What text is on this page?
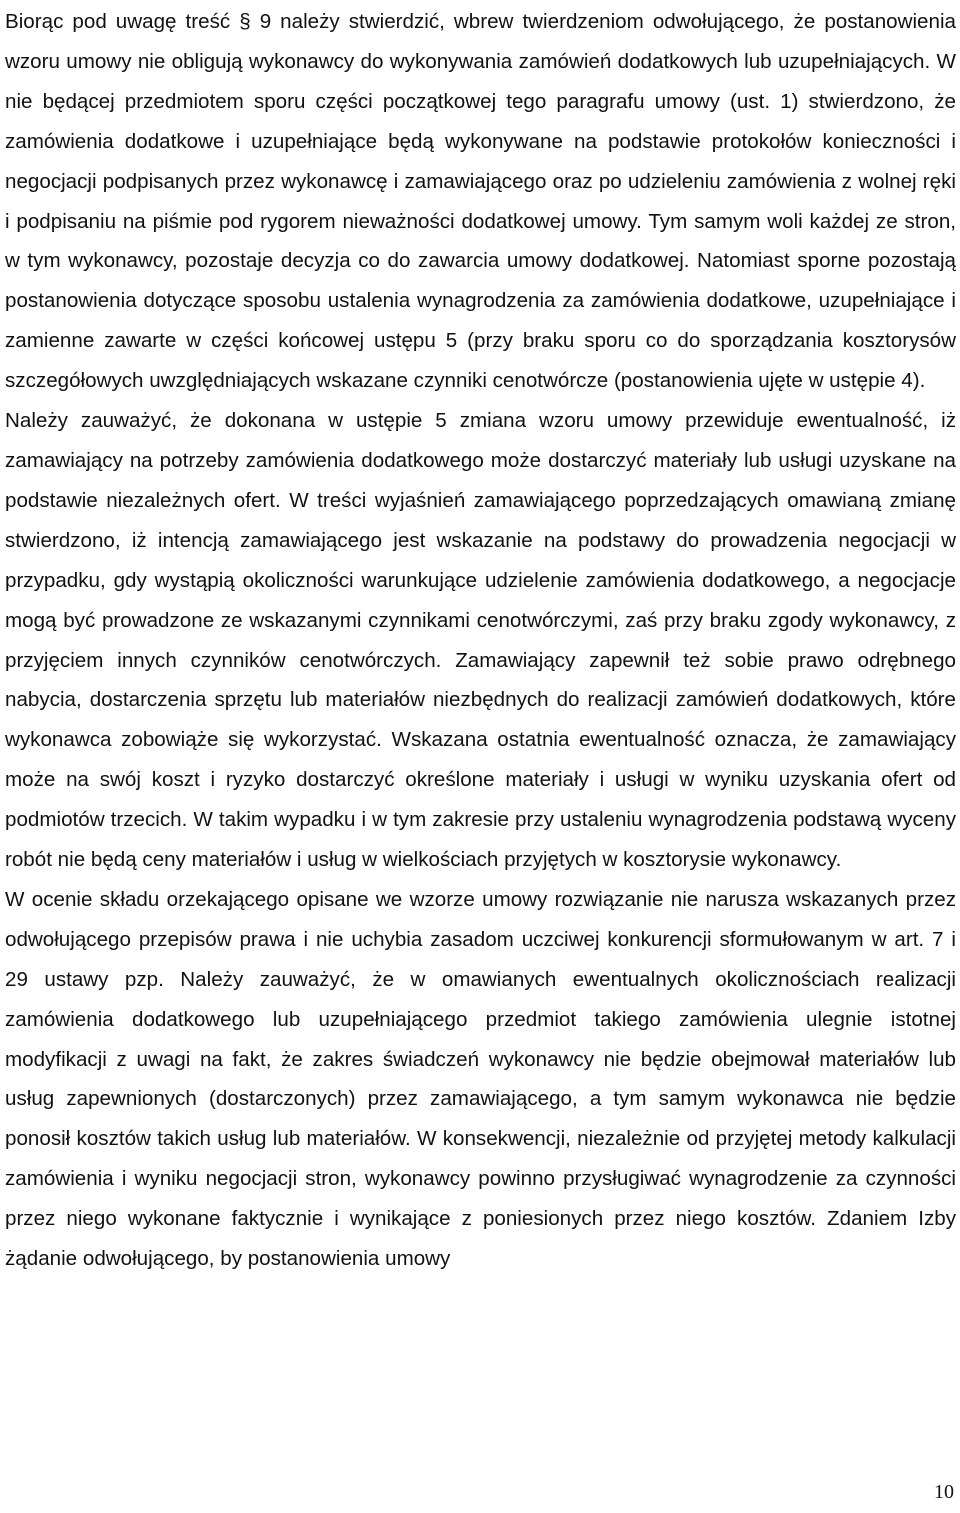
Biorąc pod uwagę treść § 9 należy stwierdzić, wbrew twierdzeniom odwołującego, że postanowienia wzoru umowy nie obligują wykonawcy do wykonywania zamówień dodatkowych lub uzupełniających. W nie będącej przedmiotem sporu części początkowej tego paragrafu umowy (ust. 1) stwierdzono, że zamówienia dodatkowe i uzupełniające będą wykonywane na podstawie protokołów konieczności i negocjacji podpisanych przez wykonawcę i zamawiającego oraz po udzieleniu zamówienia z wolnej ręki i podpisaniu na piśmie pod rygorem nieważności dodatkowej umowy. Tym samym woli każdej ze stron, w tym wykonawcy, pozostaje decyzja co do zawarcia umowy dodatkowej. Natomiast sporne pozostają postanowienia dotyczące sposobu ustalenia wynagrodzenia za zamówienia dodatkowe, uzupełniające i zamienne zawarte w części końcowej ustępu 5 (przy braku sporu co do sporządzania kosztorysów szczegółowych uwzględniających wskazane czynniki cenotwórcze (postanowienia ujęte w ustępie 4).

Należy zauważyć, że dokonana w ustępie 5 zmiana wzoru umowy przewiduje ewentualność, iż zamawiający na potrzeby zamówienia dodatkowego może dostarczyć materiały lub usługi uzyskane na podstawie niezależnych ofert. W treści wyjaśnień zamawiającego poprzedzających omawianą zmianę stwierdzono, iż intencją zamawiającego jest wskazanie na podstawy do prowadzenia negocjacji w przypadku, gdy wystąpią okoliczności warunkujące udzielenie zamówienia dodatkowego, a negocjacje mogą być prowadzone ze wskazanymi czynnikami cenotwórczymi, zaś przy braku zgody wykonawcy, z przyjęciem innych czynników cenotwórczych. Zamawiający zapewnił też sobie prawo odrębnego nabycia, dostarczenia sprzętu lub materiałów niezbędnych do realizacji zamówień dodatkowych, które wykonawca zobowiąże się wykorzystać. Wskazana ostatnia ewentualność oznacza, że zamawiający może na swój koszt i ryzyko dostarczyć określone materiały i usługi w wyniku uzyskania ofert od podmiotów trzecich. W takim wypadku i w tym zakresie przy ustaleniu wynagrodzenia podstawą wyceny robót nie będą ceny materiałów i usług w wielkościach przyjętych w kosztorysie wykonawcy.

W ocenie składu orzekającego opisane we wzorze umowy rozwiązanie nie narusza wskazanych przez odwołującego przepisów prawa i nie uchybia zasadom uczciwej konkurencji sformułowanym w art. 7 i 29 ustawy pzp. Należy zauważyć, że w omawianych ewentualnych okolicznościach realizacji zamówienia dodatkowego lub uzupełniającego przedmiot takiego zamówienia ulegnie istotnej modyfikacji z uwagi na fakt, że zakres świadczeń wykonawcy nie będzie obejmował materiałów lub usług zapewnionych (dostarczonych) przez zamawiającego, a tym samym wykonawca nie będzie ponosił kosztów takich usług lub materiałów. W konsekwencji, niezależnie od przyjętej metody kalkulacji zamówienia i wyniku negocjacji stron, wykonawcy powinno przysługiwać wynagrodzenie za czynności przez niego wykonane faktycznie i wynikające z poniesionych przez niego kosztów. Zdaniem Izby żądanie odwołującego, by postanowienia umowy

10
